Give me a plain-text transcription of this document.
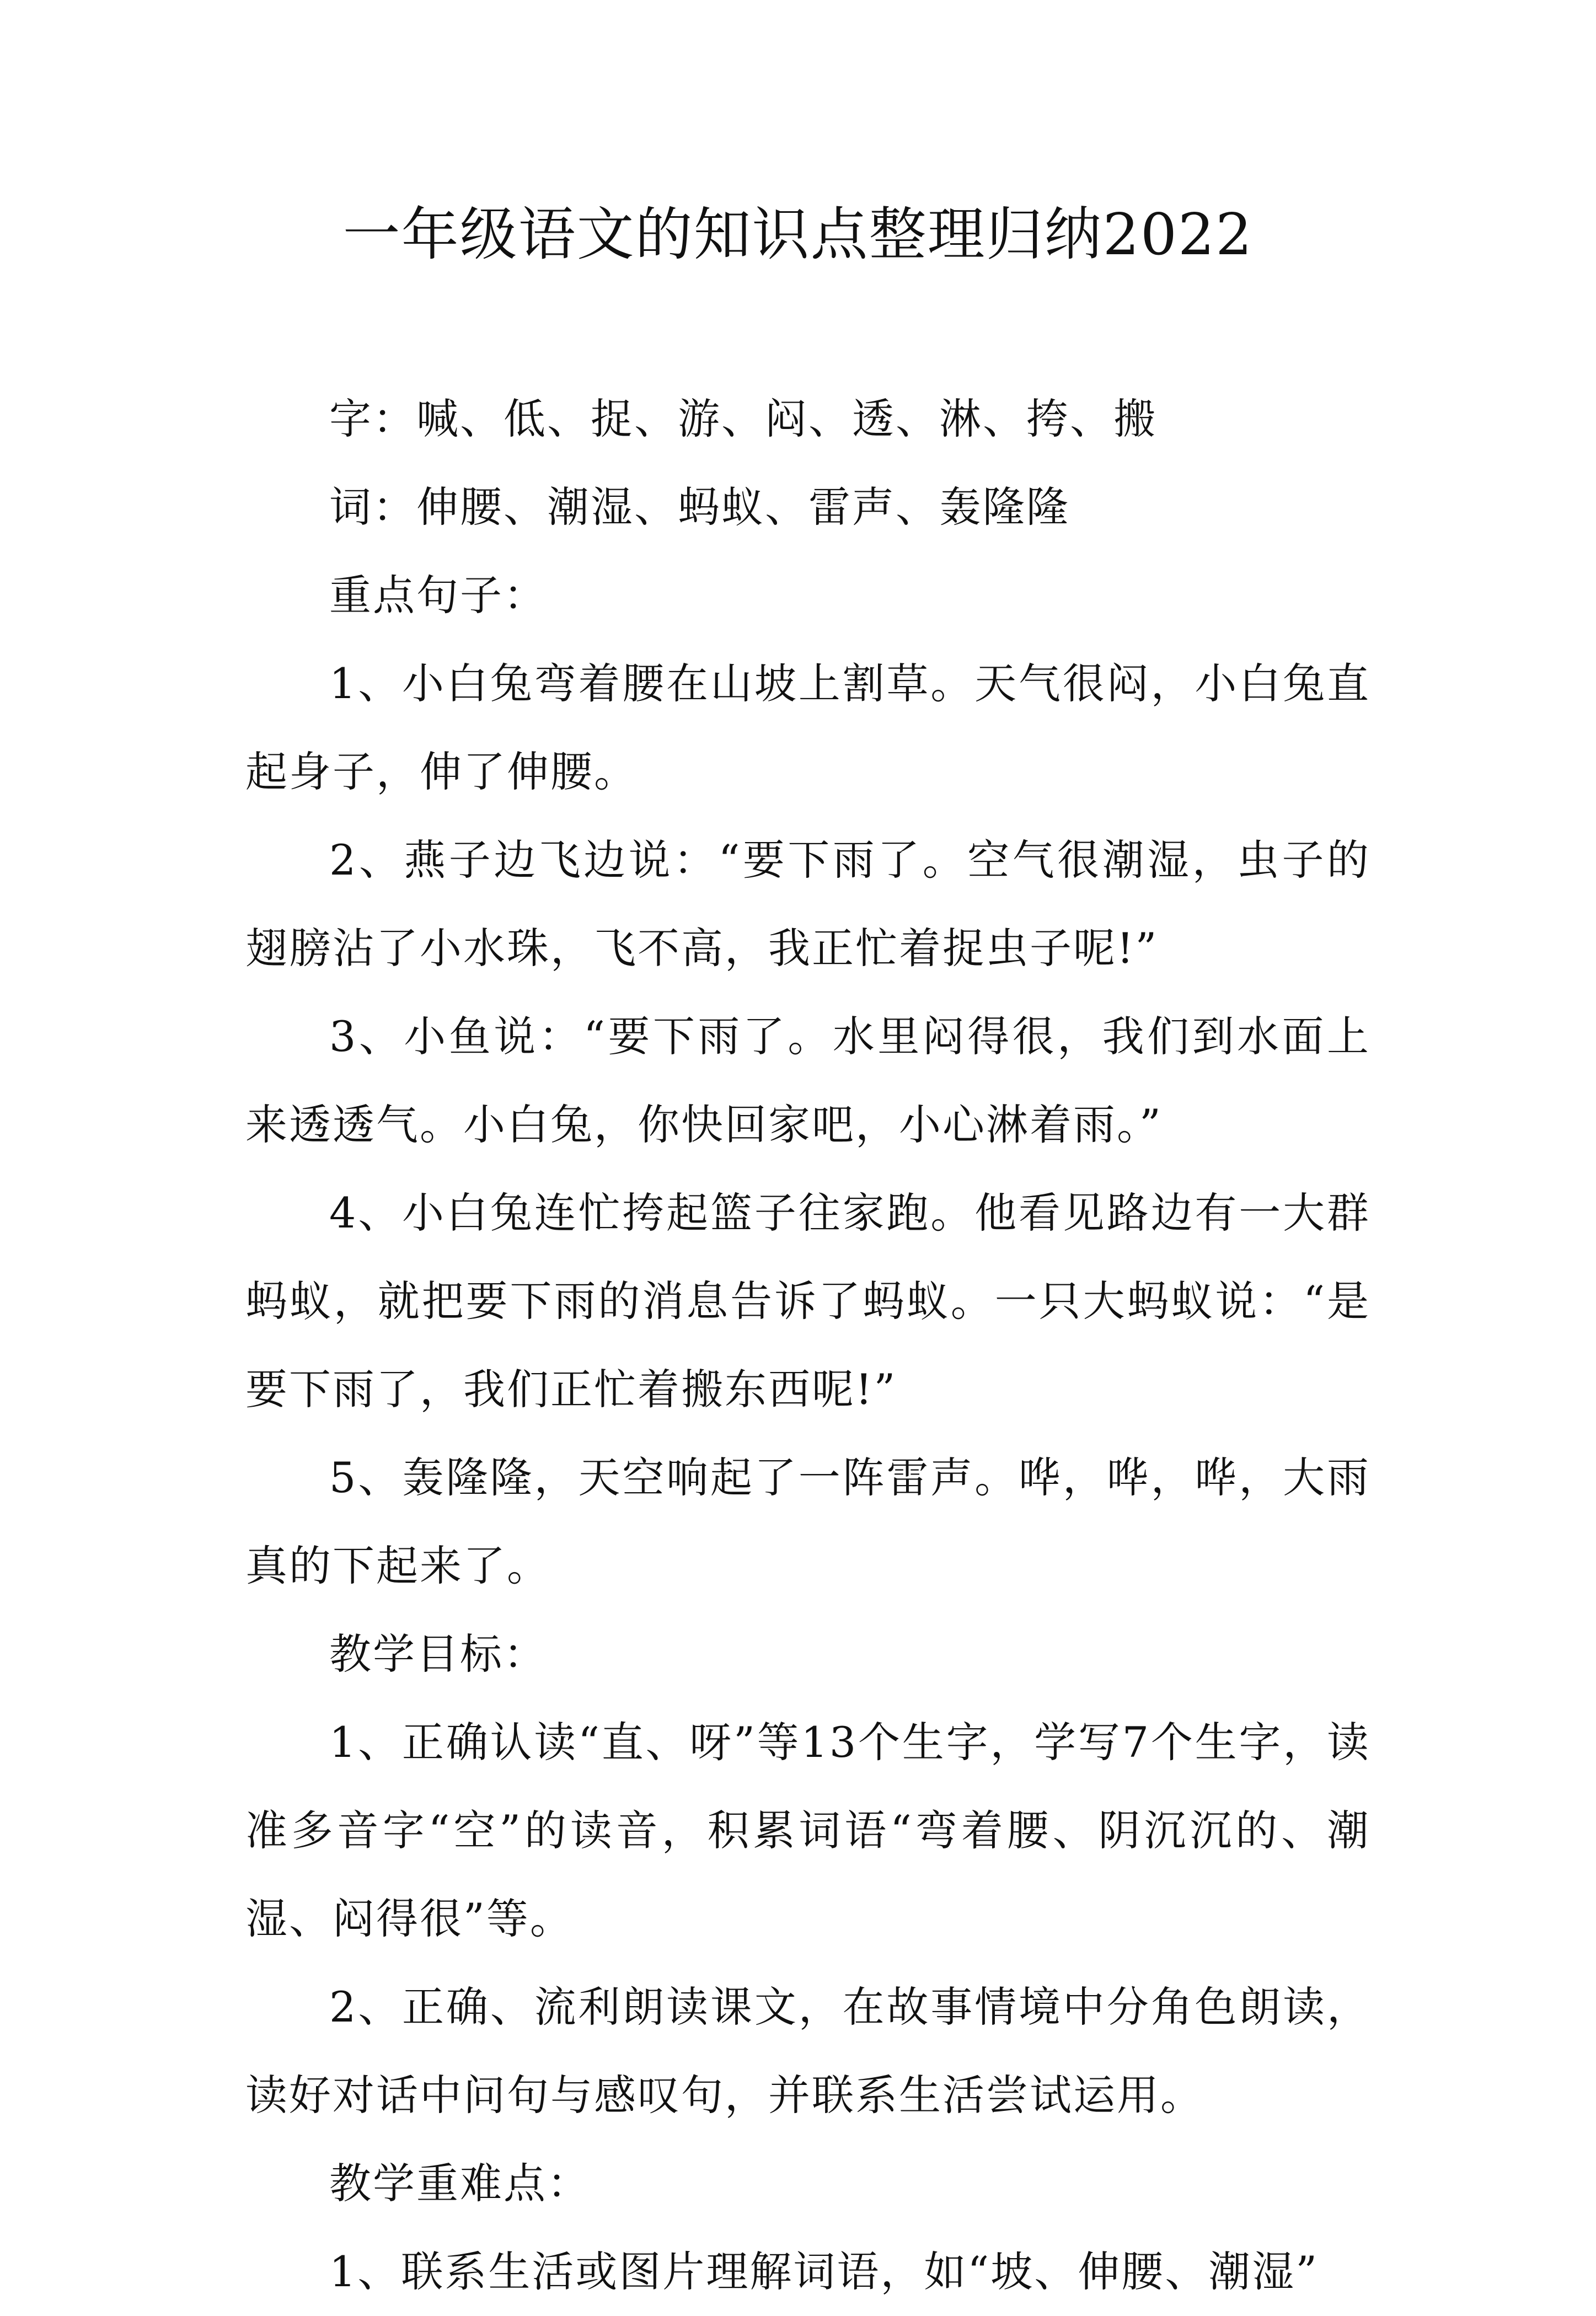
一年级语文的知识点整理归纳2022

字：喊、低、捉、游、闷、透、淋、挎、搬

词：伸腰、潮湿、蚂蚁、雷声、轰隆隆

重点句子：

1、小白兔弯着腰在山坡上割草。天气很闷，小白兔直起身子，伸了伸腰。

2、燕子边飞边说：“要下雨了。空气很潮湿，虫子的翅膀沾了小水珠，飞不高，我正忙着捉虫子呢!”

3、小鱼说：“要下雨了。水里闷得很，我们到水面上来透透气。小白兔，你快回家吧，小心淋着雨。”

4、小白兔连忙挎起篮子往家跑。他看见路边有一大群蚂蚁，就把要下雨的消息告诉了蚂蚁。一只大蚂蚁说：“是要下雨了，我们正忙着搬东西呢!”

5、轰隆隆，天空响起了一阵雷声。哗，哗，哗，大雨真的下起来了。

教学目标：

1、正确认读“直、呀”等13个生字，学写7个生字，读准多音字“空”的读音，积累词语“弯着腰、阴沉沉的、潮湿、闷得很”等。

2、正确、流利朗读课文，在故事情境中分角色朗读，读好对话中问句与感叹句，并联系生活尝试运用。

教学重难点：

1、联系生活或图片理解词语，如“坡、伸腰、潮湿”
